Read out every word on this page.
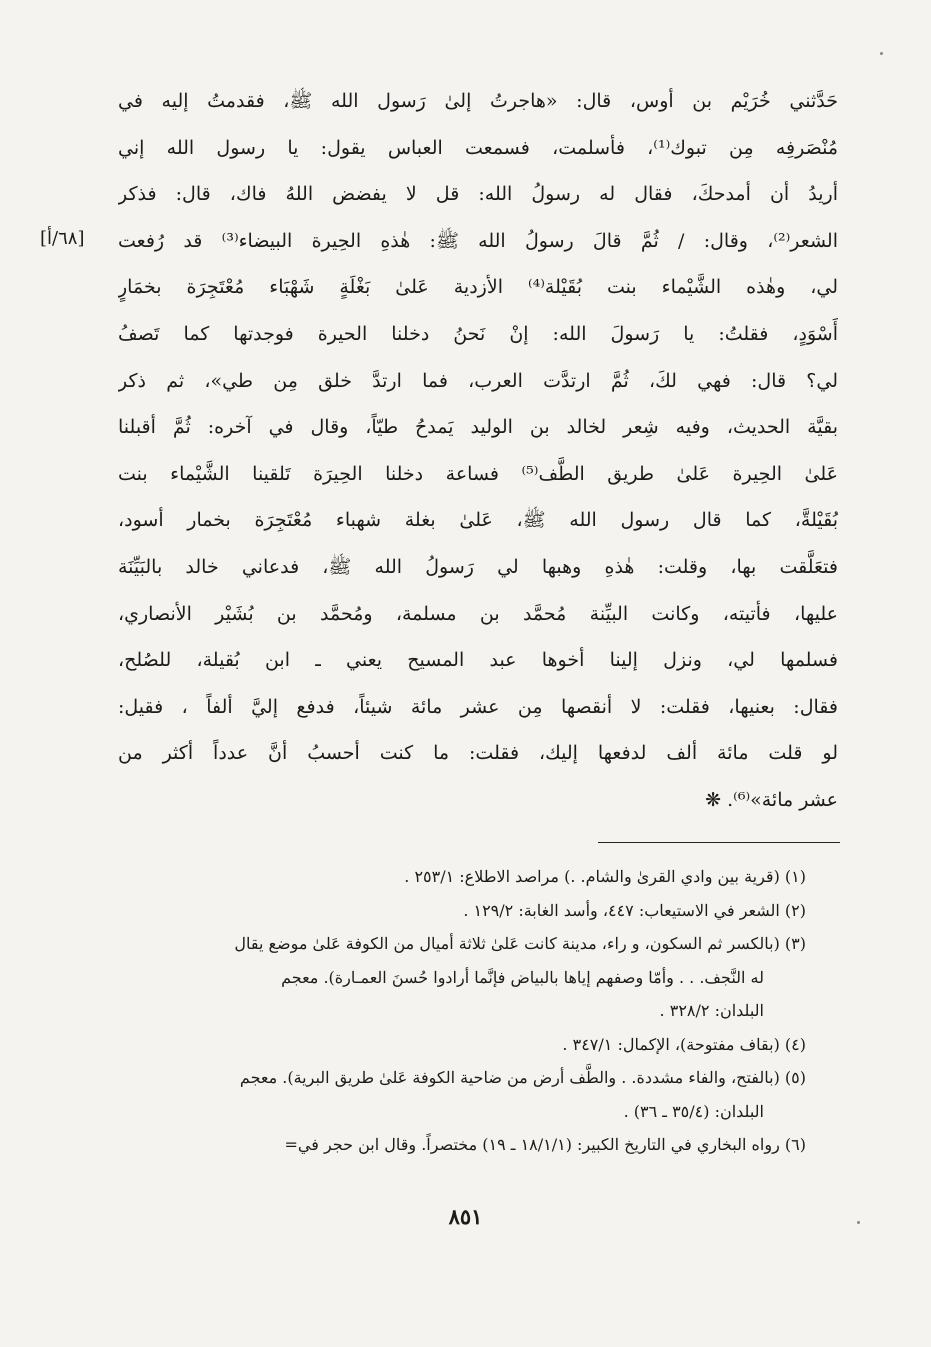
[٦٨/أ]
حَدَّثني خُرَيْم بن أوس، قال: «هاجرتُ إلىٰ رَسول الله ﷺ، فقدمتُ إليه في
مُنْصَرفِه مِن تبوك⁽¹⁾، فأسلمت، فسمعت العباس يقول: يا رسول الله إني
أريدُ أن أمدحكَ، فقال له رسولُ الله: قل لا يفضض اللهُ فاك، قال: فذكر
الشعر⁽²⁾، وقال: / ثُمَّ قالَ رسولُ الله ﷺ: هٰذهِ الحِيرة البيضاء⁽³⁾ قد رُفعت
لي، وهٰذه الشَّيْماء بنت بُقَيْلة⁽⁴⁾ الأزدية عَلىٰ بَغْلَةٍ شَهْبَاء مُعْتَجِرَة بخمَارٍ
أَسْوَدٍ، فقلتُ: يا رَسولَ الله: إنْ نَحنُ دخلنا الحيرة فوجدتها كما تَصفُ
لي؟ قال: فهي لكَ، ثُمَّ ارتدَّت العرب، فما ارتدَّ خلق مِن طي»، ثم ذكر
بقيَّة الحديث، وفيه شِعر لخالد بن الوليد يَمدحُ طيّاً، وقال في آخره: ثُمَّ أقبلنا
عَلىٰ الحِيرة عَلىٰ طريق الطَّف⁽⁵⁾ فساعة دخلنا الحِيرَة تَلقينا الشَّيْماء بنت
بُقَيْلةَّ، كما قال رسول الله ﷺ، عَلىٰ بغلة شهباء مُعْتَجِرَة بخمار أسود،
فتعَلَّقت بها، وقلت: هٰذهِ وهبها لي رَسولُ الله ﷺ، فدعاني خالد بالبَيِّنَة
عليها، فأتيته، وكانت البيِّنة مُحمَّد بن مسلمة، ومُحمَّد بن بُشَيْر الأنصاري،
فسلمها لي، ونزل إلينا أخوها عبد المسيح يعني ـ ابن بُقيلة، للصُلح،
فقال: بعنيها، فقلت: لا أنقصها مِن عشر مائة شيئاً، فدفع إليَّ ألفاً ، فقيل:
لو قلت مائة ألف لدفعها إليك، فقلت: ما كنت أحسبُ أنَّ عدداً أكثر من
عشر مائة»⁽⁶⁾. ❋
(١) (قرية بين وادي القرىٰ والشام. .) مراصد الاطلاع: ٢٥٣/١ .
(٢) الشعر في الاستيعاب: ٤٤٧، وأسد الغابة: ١٢٩/٢ .
(٣) (بالكسر ثم السكون، و راء، مدينة كانت عَلىٰ ثلاثة أميال من الكوفة عَلىٰ موضع يقال
له النَّجف. . . وأمّا وصفهم إياها بالبياض فإنَّما أرادوا حُسنَ العمـارة). معجم
البلدان: ٣٢٨/٢ .
(٤) (بقاف مفتوحة)، الإكمال: ٣٤٧/١ .
(٥) (بالفتح، والفاء مشددة. . والطَّف أرض من ضاحية الكوفة عَلىٰ طريق البرية). معجم
البلدان: (٣٥/٤ ـ ٣٦) .
(٦) رواه البخاري في التاريخ الكبير: (١٨/١/١ ـ ١٩) مختصراً. وقال ابن حجر في=
٨٥١
